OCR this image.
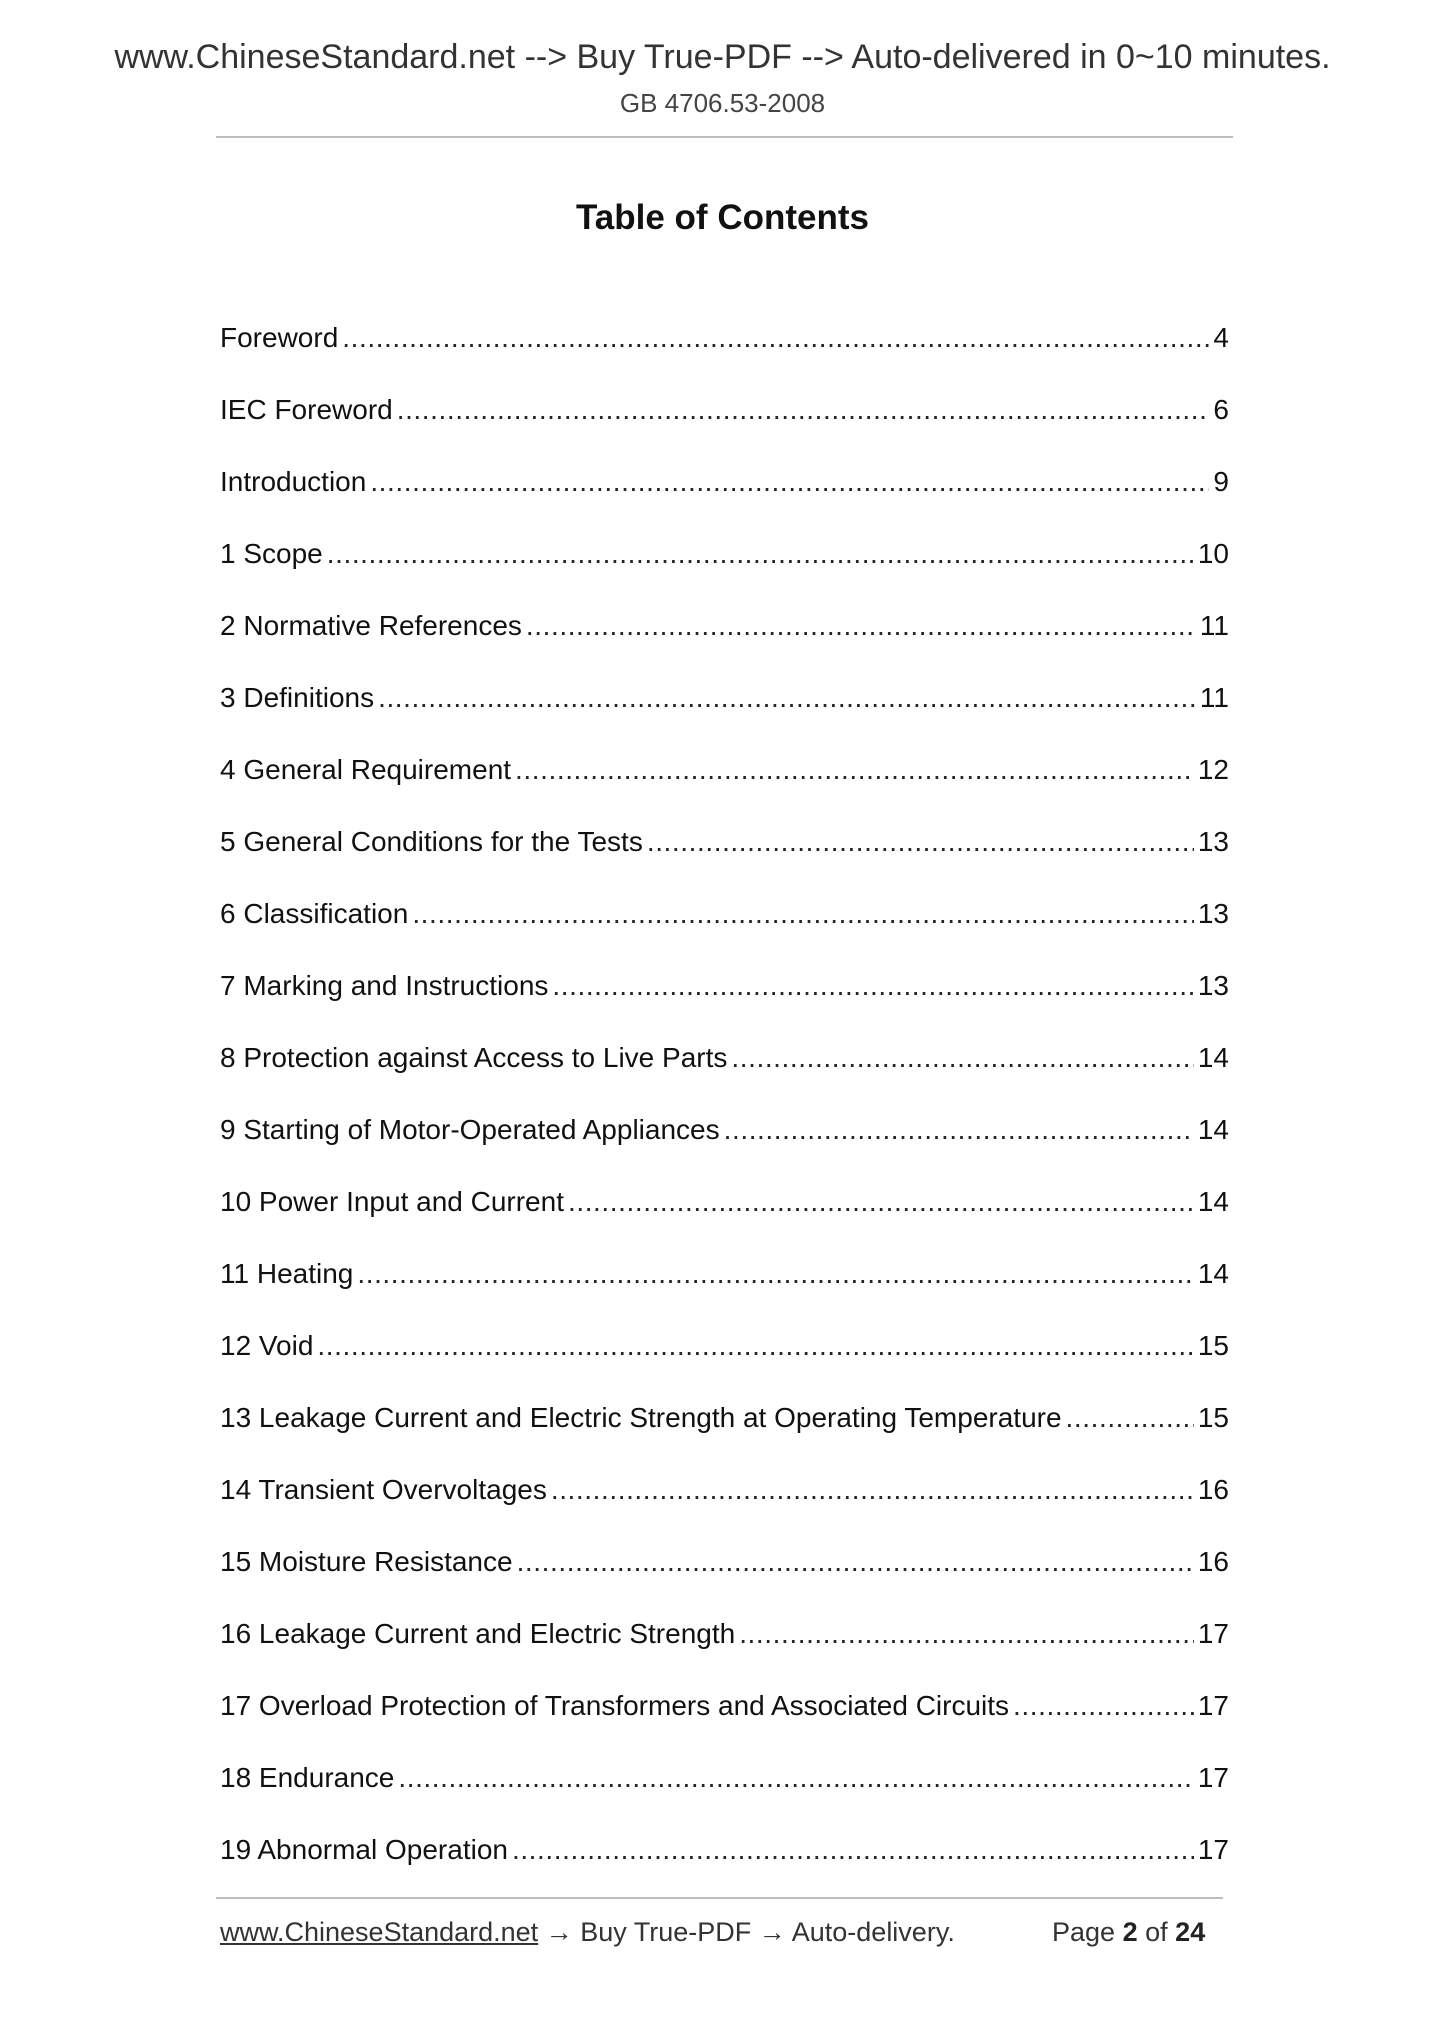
www.ChineseStandard.net --> Buy True-PDF --> Auto-delivered in 0~10 minutes.
GB 4706.53-2008
Table of Contents
Foreword . . .	4
IEC Foreword . . .	6
Introduction . . .	9
1 Scope . . .	10
2 Normative References . . .	11
3 Definitions . . .	11
4 General Requirement . . .	12
5 General Conditions for the Tests . . .	13
6 Classification . . .	13
7 Marking and Instructions . . .	13
8 Protection against Access to Live Parts . . .	14
9 Starting of Motor-Operated Appliances . . .	14
10 Power Input and Current . . .	14
11 Heating . . .	14
12 Void . . .	15
13 Leakage Current and Electric Strength at Operating Temperature . . .	15
14 Transient Overvoltages . . .	16
15 Moisture Resistance . . .	16
16 Leakage Current and Electric Strength . . .	17
17 Overload Protection of Transformers and Associated Circuits . . .	17
18 Endurance . . .	17
19 Abnormal Operation . . .	17
www.ChineseStandard.net → Buy True-PDF → Auto-delivery.	Page 2 of 24
